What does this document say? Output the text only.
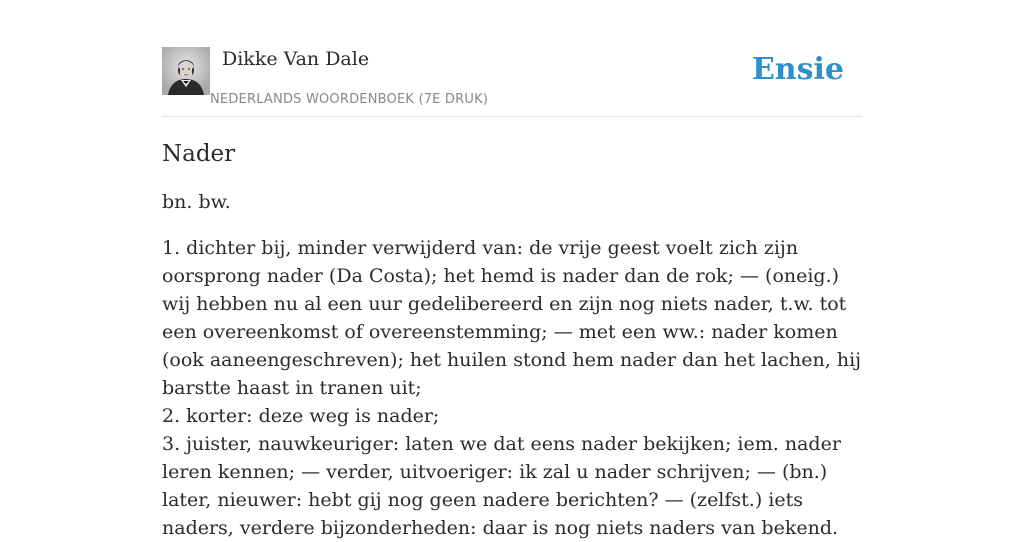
Dikke Van Dale
NEDERLANDS WOORDENBOEK (7E DRUK)
Ensie
Nader

bn. bw.

1. dichter bij, minder verwijderd van: de vrije geest voelt zich zijn oorsprong nader (Da Costa); het hemd is nader dan de rok; — (oneig.) wij hebben nu al een uur gedelibereerd en zijn nog niets nader, t.w. tot een overeenkomst of overeenstemming; — met een ww.: nader komen (ook aaneengeschreven); het huilen stond hem nader dan het lachen, hij barstte haast in tranen uit;
2. korter: deze weg is nader;
3. juister, nauwkeuriger: laten we dat eens nader bekijken; iem. nader leren kennen; — verder, uitvoeriger: ik zal u nader schrijven; — (bn.) later, nieuwer: hebt gij nog geen nadere berichten? — (zelfst.) iets naders, verdere bijzonderheden: daar is nog niets naders van bekend.
